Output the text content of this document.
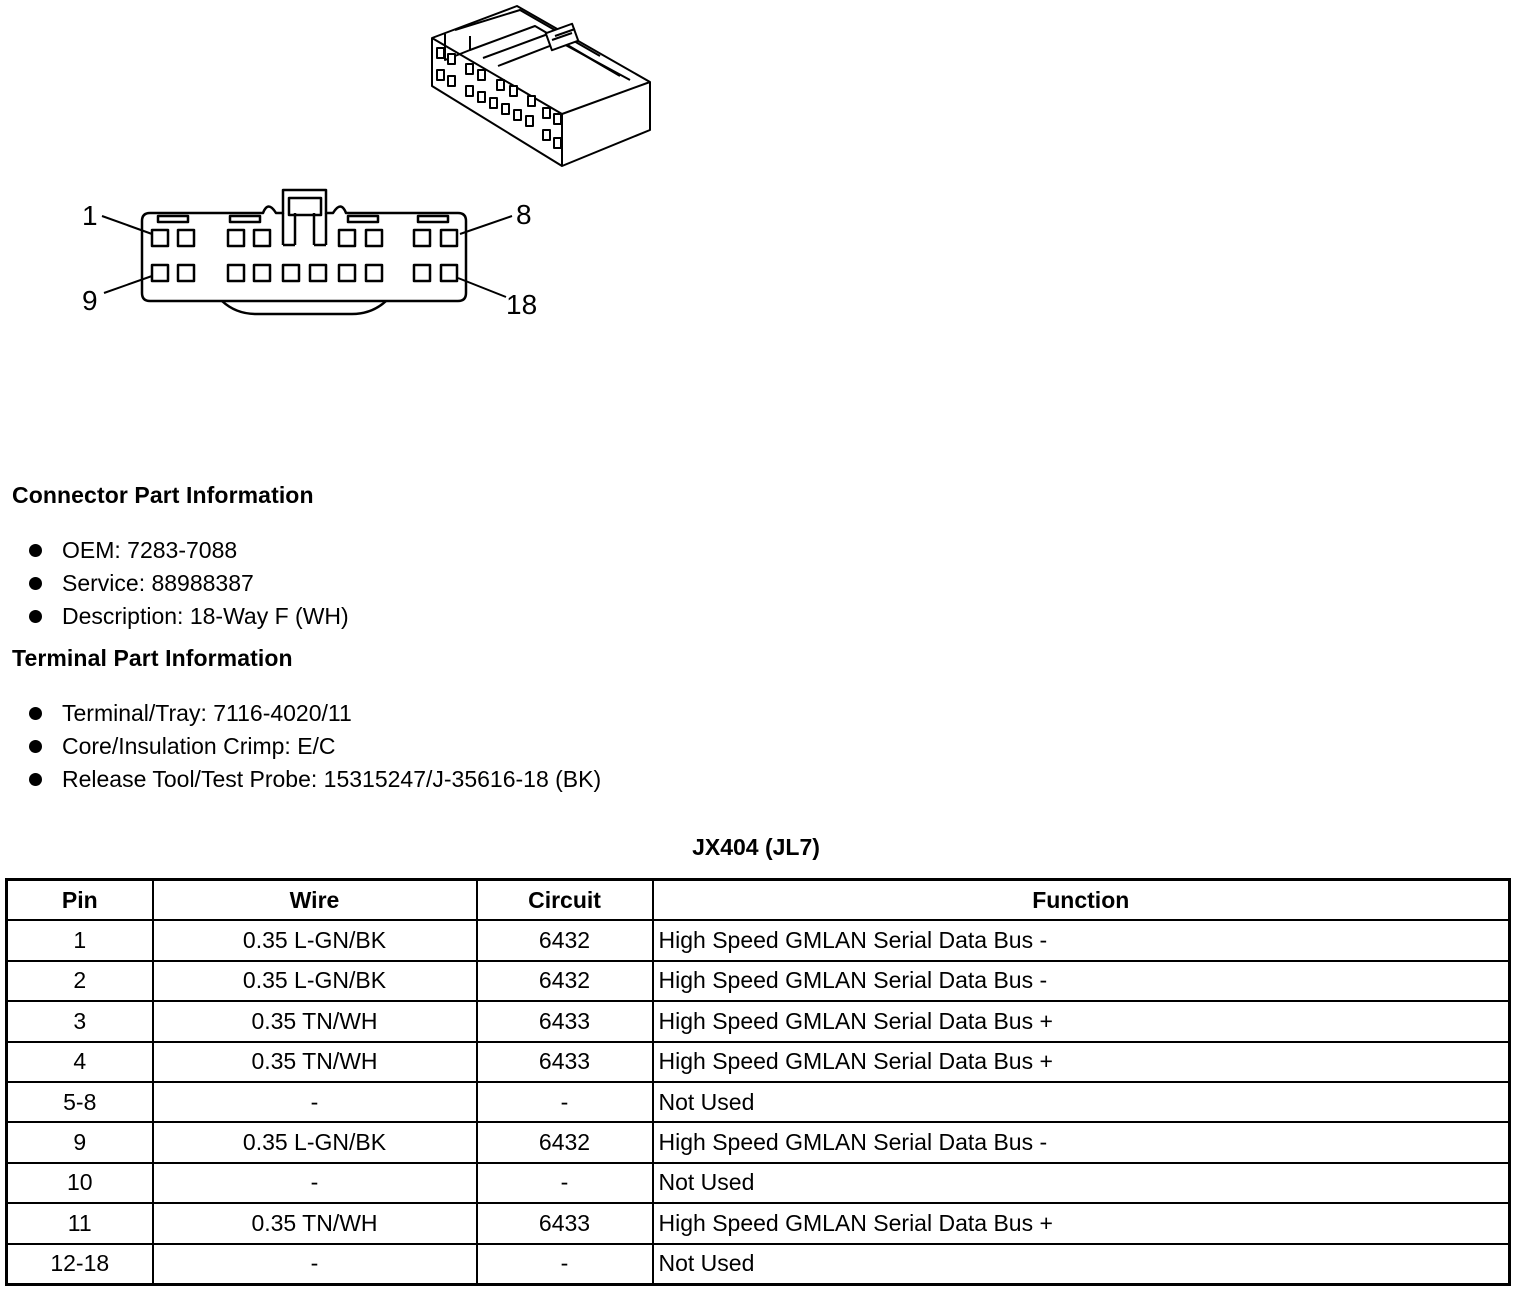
1	8
9	18
Connector Part Information
OEM: 7283-7088
Service: 88988387
Description: 18-Way F (WH)
Terminal Part Information
Terminal/Tray: 7116-4020/11
Core/Insulation Crimp: E/C
Release Tool/Test Probe: 15315247/J-35616-18 (BK)
JX404 (JL7)
Pin	Wire	Circuit	Function
1	0.35 L-GN/BK	6432	High Speed GMLAN Serial Data Bus -
2	0.35 L-GN/BK	6432	High Speed GMLAN Serial Data Bus -
3	0.35 TN/WH	6433	High Speed GMLAN Serial Data Bus +
4	0.35 TN/WH	6433	High Speed GMLAN Serial Data Bus +
5-8	-	-	Not Used
9	0.35 L-GN/BK	6432	High Speed GMLAN Serial Data Bus -
10	-	-	Not Used
11	0.35 TN/WH	6433	High Speed GMLAN Serial Data Bus +
12-18	-	-	Not Used
